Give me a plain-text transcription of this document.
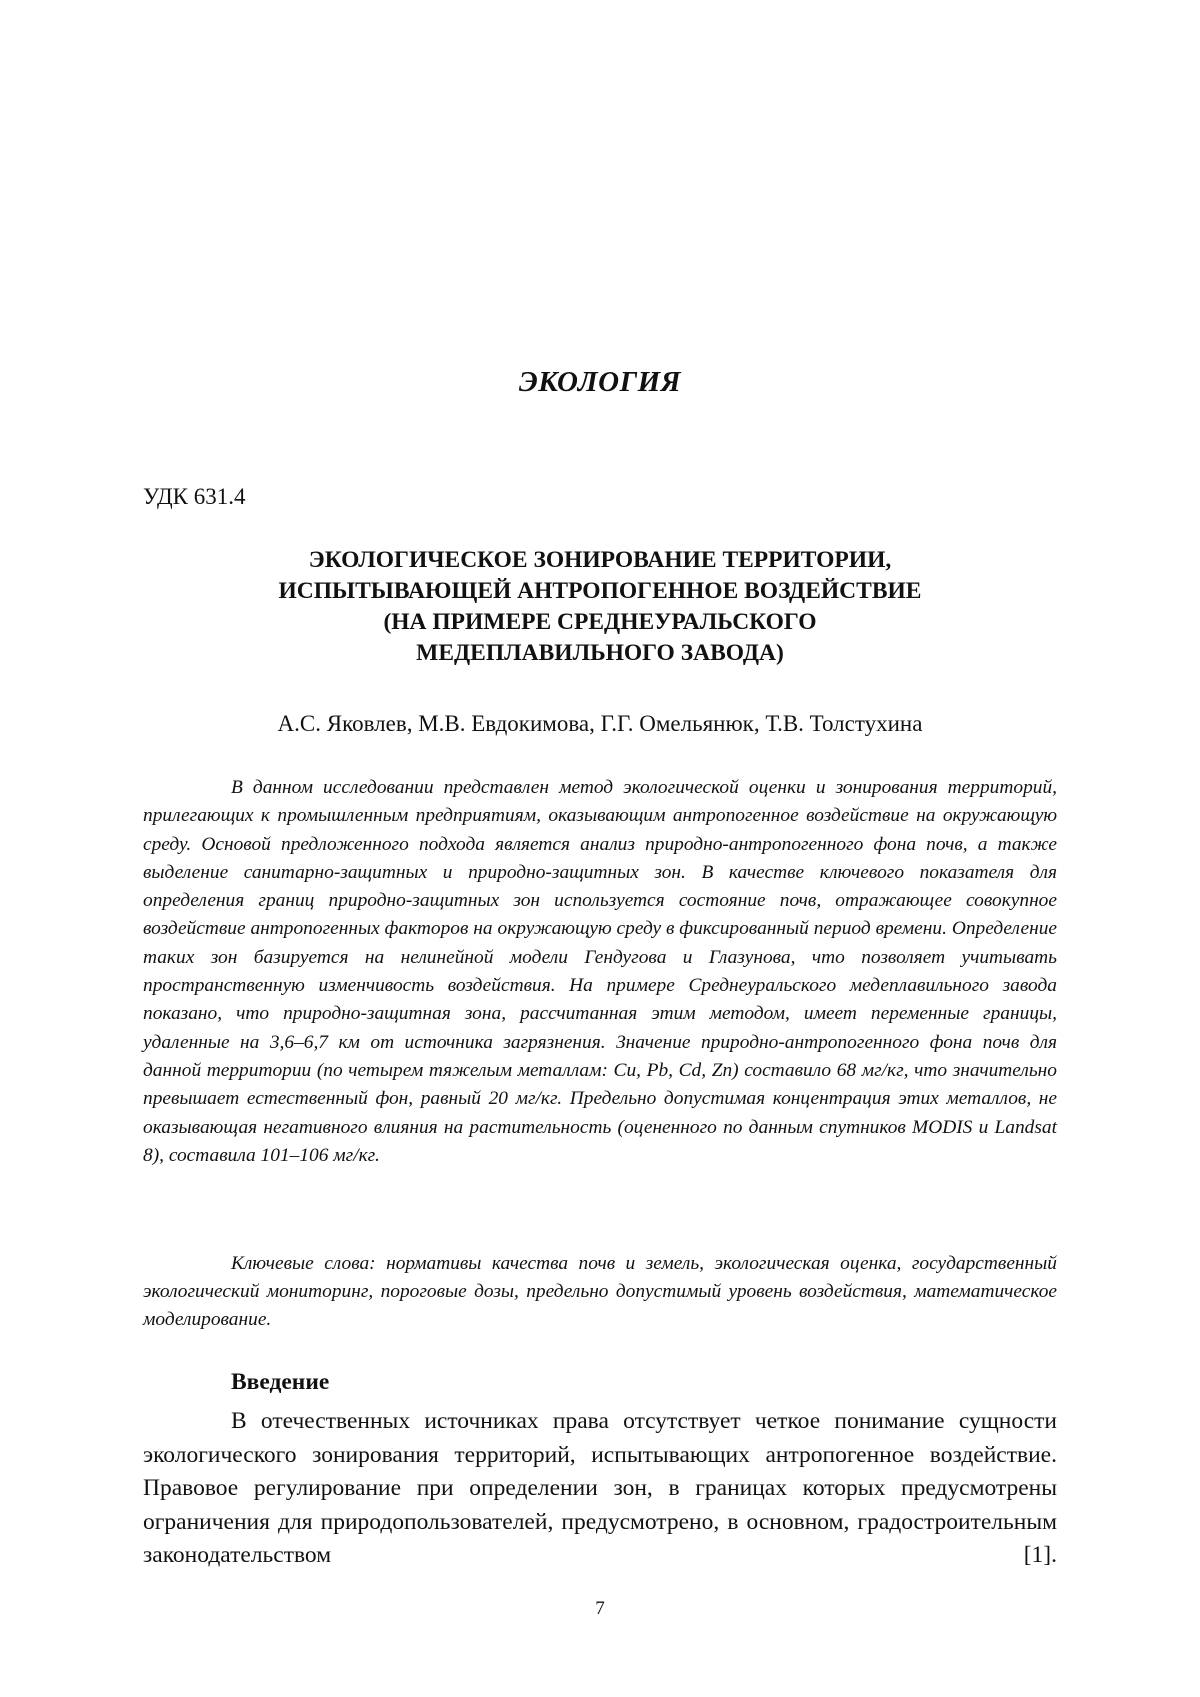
ЭКОЛОГИЯ
УДК 631.4
ЭКОЛОГИЧЕСКОЕ ЗОНИРОВАНИЕ ТЕРРИТОРИИ,
ИСПЫТЫВАЮЩЕЙ АНТРОПОГЕННОЕ ВОЗДЕЙСТВИЕ
(НА ПРИМЕРЕ СРЕДНЕУРАЛЬСКОГО
МЕДЕПЛАВИЛЬНОГО ЗАВОДА)
А.С. Яковлев, М.В. Евдокимова, Г.Г. Омельянюк, Т.В. Толстухина

В данном исследовании представлен метод экологической оценки и зонирования территорий, прилегающих к промышленным предприятиям, оказывающим антропогенное воздействие на окружающую среду. Основой предложенного подхода является анализ природно-антропогенного фона почв, а также выделение санитарно-защитных и природно-защитных зон. В качестве ключевого показателя для определения границ природно-защитных зон используется состояние почв, отражающее совокупное воздействие антропогенных факторов на окружающую среду в фиксированный период времени. Определение таких зон базируется на нелинейной модели Гендугова и Глазунова, что позволяет учитывать пространственную изменчивость воздействия. На примере Среднеуральского медеплавильного завода показано, что природно-защитная зона, рассчитанная этим методом, имеет переменные границы, удаленные на 3,6–6,7 км от источника загрязнения. Значение природно-антропогенного фона почв для данной территории (по четырем тяжелым металлам: Cu, Pb, Cd, Zn) составило 68 мг/кг, что значительно превышает естественный фон, равный 20 мг/кг. Предельно допустимая концентрация этих металлов, не оказывающая негативного влияния на растительность (оцененного по данным спутников MODIS и Landsat 8), составила 101–106 мг/кг.

Ключевые слова: нормативы качества почв и земель, экологическая оценка, государственный экологический мониторинг, пороговые дозы, предельно допустимый уровень воздействия, математическое моделирование.

Введение

В отечественных источниках права отсутствует четкое понимание сущности экологического зонирования территорий, испытывающих антропогенное воздействие. Правовое регулирование при определении зон, в границах которых предусмотрены ограничения для природопользователей, предусмотрено, в основном, градостроительным законодательством [1].

7
